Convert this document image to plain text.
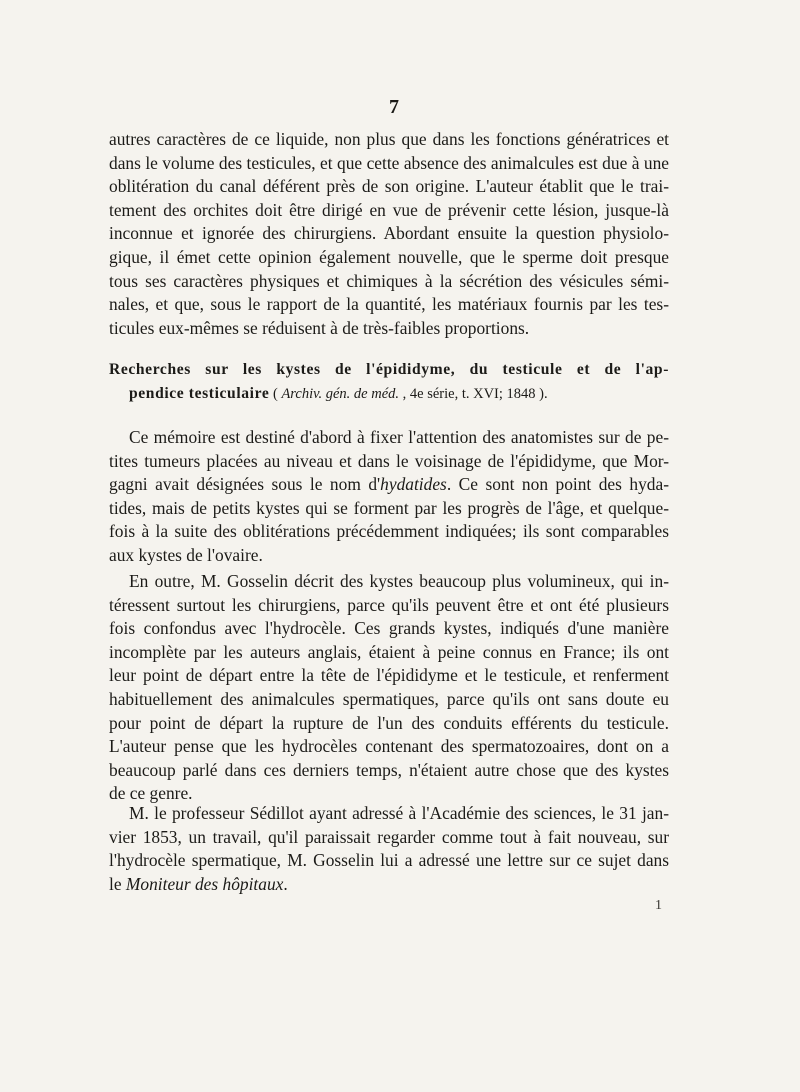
7
autres caractères de ce liquide, non plus que dans les fonctions génératrices et
dans le volume des testicules, et que cette absence des animalcules est due à une
oblitération du canal déférent près de son origine. L'auteur établit que le trai-
tement des orchites doit être dirigé en vue de prévenir cette lésion, jusque-là
inconnue et ignorée des chirurgiens. Abordant ensuite la question physiolo-
gique, il émet cette opinion également nouvelle, que le sperme doit presque
tous ses caractères physiques et chimiques à la sécrétion des vésicules sémi-
nales, et que, sous le rapport de la quantité, les matériaux fournis par les tes-
ticules eux-mêmes se réduisent à de très-faibles proportions.
Recherches sur les kystes de l'épididyme, du testicule et de l'ap-
pendice testiculaire ( Archiv. gén. de méd. , 4e série, t. XVI; 1848 ).
Ce mémoire est destiné d'abord à fixer l'attention des anatomistes sur de pe-
tites tumeurs placées au niveau et dans le voisinage de l'épididyme, que Mor-
gagni avait désignées sous le nom d'hydatides. Ce sont non point des hyda-
tides, mais de petits kystes qui se forment par les progrès de l'âge, et quelque-
fois à la suite des oblitérations précédemment indiquées; ils sont comparables
aux kystes de l'ovaire.
En outre, M. Gosselin décrit des kystes beaucoup plus volumineux, qui in-
téressent surtout les chirurgiens, parce qu'ils peuvent être et ont été plusieurs
fois confondus avec l'hydrocèle. Ces grands kystes, indiqués d'une manière
incomplète par les auteurs anglais, étaient à peine connus en France; ils ont
leur point de départ entre la tête de l'épididyme et le testicule, et renferment
habituellement des animalcules spermatiques, parce qu'ils ont sans doute eu
pour point de départ la rupture de l'un des conduits efférents du testicule.
L'auteur pense que les hydrocèles contenant des spermatozoaires, dont on a
beaucoup parlé dans ces derniers temps, n'étaient autre chose que des kystes
de ce genre.
M. le professeur Sédillot ayant adressé à l'Académie des sciences, le 31 jan-
vier 1853, un travail, qu'il paraissait regarder comme tout à fait nouveau, sur
l'hydrocèle spermatique, M. Gosselin lui a adressé une lettre sur ce sujet dans
le Moniteur des hôpitaux.
1
